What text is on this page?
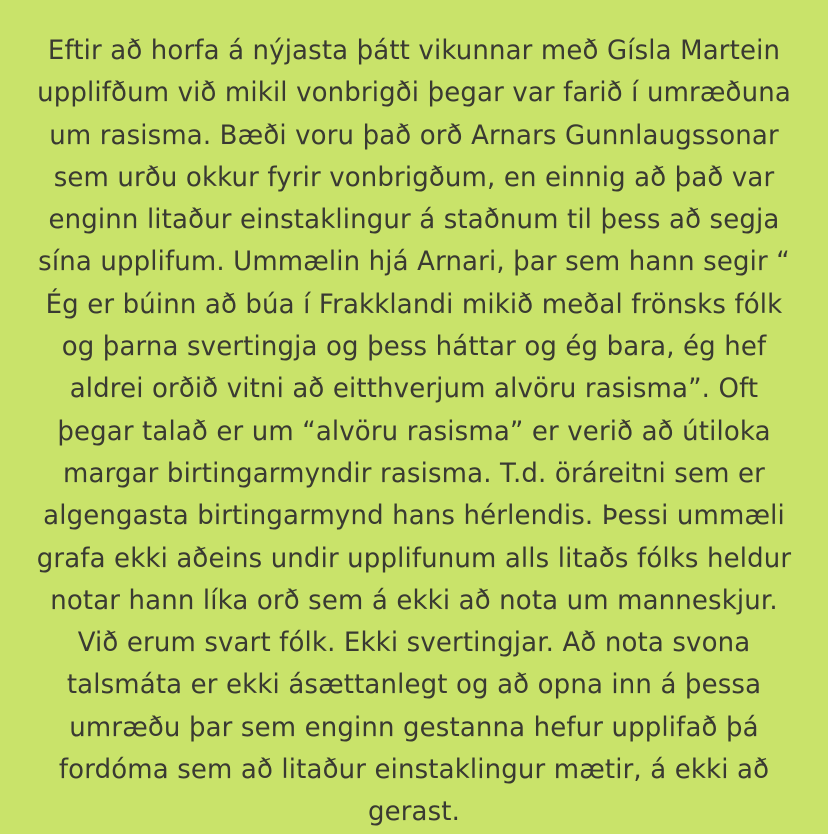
Eftir að horfa á nýjasta þátt vikunnar með Gísla Martein
upplifðum við mikil vonbrigði þegar var farið í umræðuna
um rasisma. Bæði voru það orð Arnars Gunnlaugssonar
sem urðu okkur fyrir vonbrigðum, en einnig að það var
enginn litaður einstaklingur á staðnum til þess að segja
sína upplifum. Ummælin hjá Arnari, þar sem hann segir “
Ég er búinn að búa í Frakklandi mikið meðal frönsks fólk
og þarna svertingja og þess háttar og ég bara, ég hef
aldrei orðið vitni að eitthverjum alvöru rasisma”. Oft
þegar talað er um “alvöru rasisma” er verið að útiloka
margar birtingarmyndir rasisma. T.d. öráreitni sem er
algengasta birtingarmynd hans hérlendis. Þessi ummæli
grafa ekki aðeins undir upplifunum alls litaðs fólks heldur
notar hann líka orð sem á ekki að nota um manneskjur.
Við erum svart fólk. Ekki svertingjar. Að nota svona
talsmáta er ekki ásættanlegt og að opna inn á þessa
umræðu þar sem enginn gestanna hefur upplifað þá
fordóma sem að litaður einstaklingur mætir, á ekki að
gerast.
